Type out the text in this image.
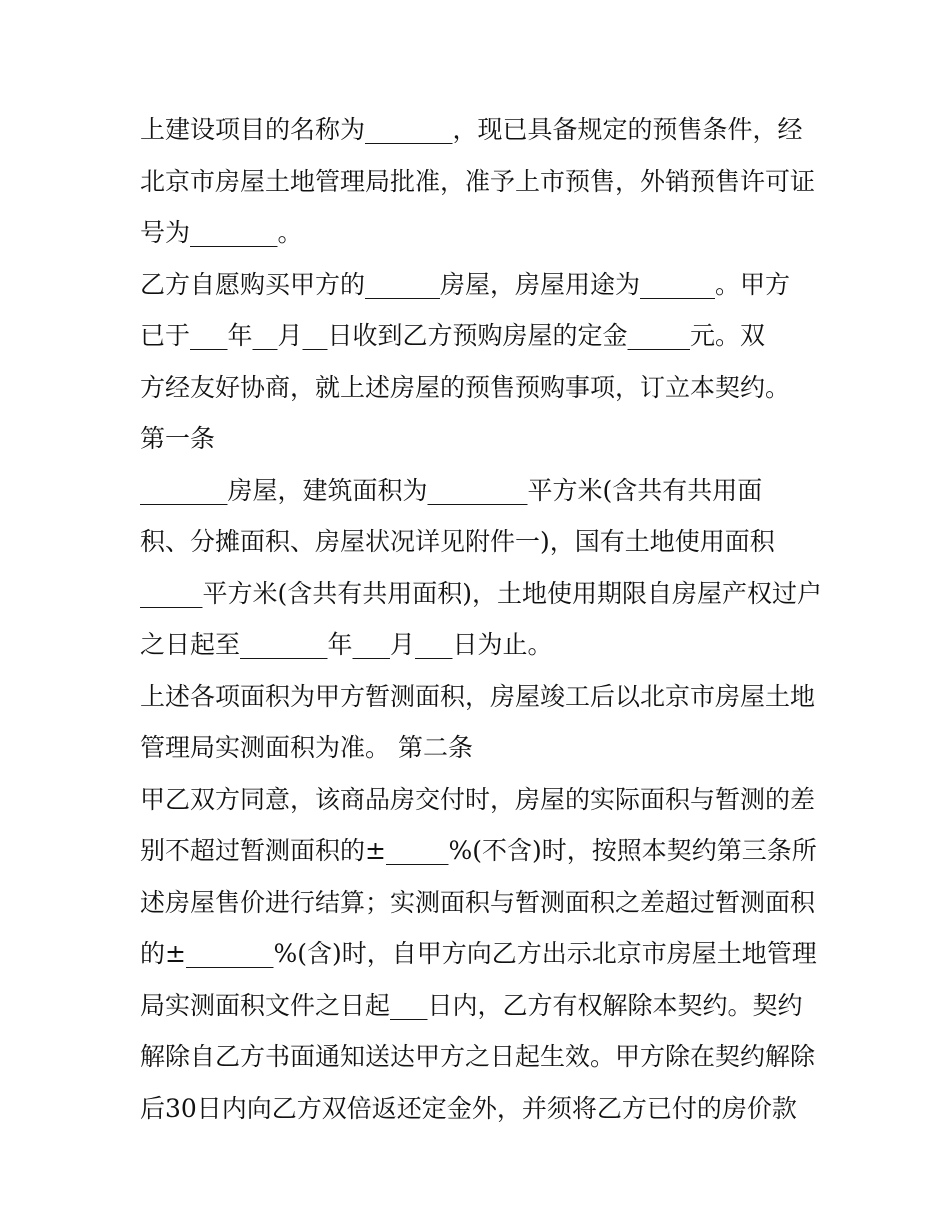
上建设项目的名称为_______，现已具备规定的预售条件，经
北京市房屋土地管理局批准，准予上市预售，外销预售许可证
号为_______。
乙方自愿购买甲方的______房屋，房屋用途为______。甲方
已于___年__月__日收到乙方预购房屋的定金_____元。双
方经友好协商，就上述房屋的预售预购事项，订立本契约。
第一条
_______房屋，建筑面积为________平方米(含共有共用面
积、分摊面积、房屋状况详见附件一)，国有土地使用面积
_____平方米(含共有共用面积)，土地使用期限自房屋产权过户
之日起至_______年___月___日为止。
上述各项面积为甲方暂测面积，房屋竣工后以北京市房屋土地
管理局实测面积为准。 第二条
甲乙双方同意，该商品房交付时，房屋的实际面积与暂测的差
别不超过暂测面积的±_____%(不含)时，按照本契约第三条所
述房屋售价进行结算；实测面积与暂测面积之差超过暂测面积
的±_______%(含)时，自甲方向乙方出示北京市房屋土地管理
局实测面积文件之日起___日内，乙方有权解除本契约。契约
解除自乙方书面通知送达甲方之日起生效。甲方除在契约解除
后30日内向乙方双倍返还定金外，并须将乙方已付的房价款
